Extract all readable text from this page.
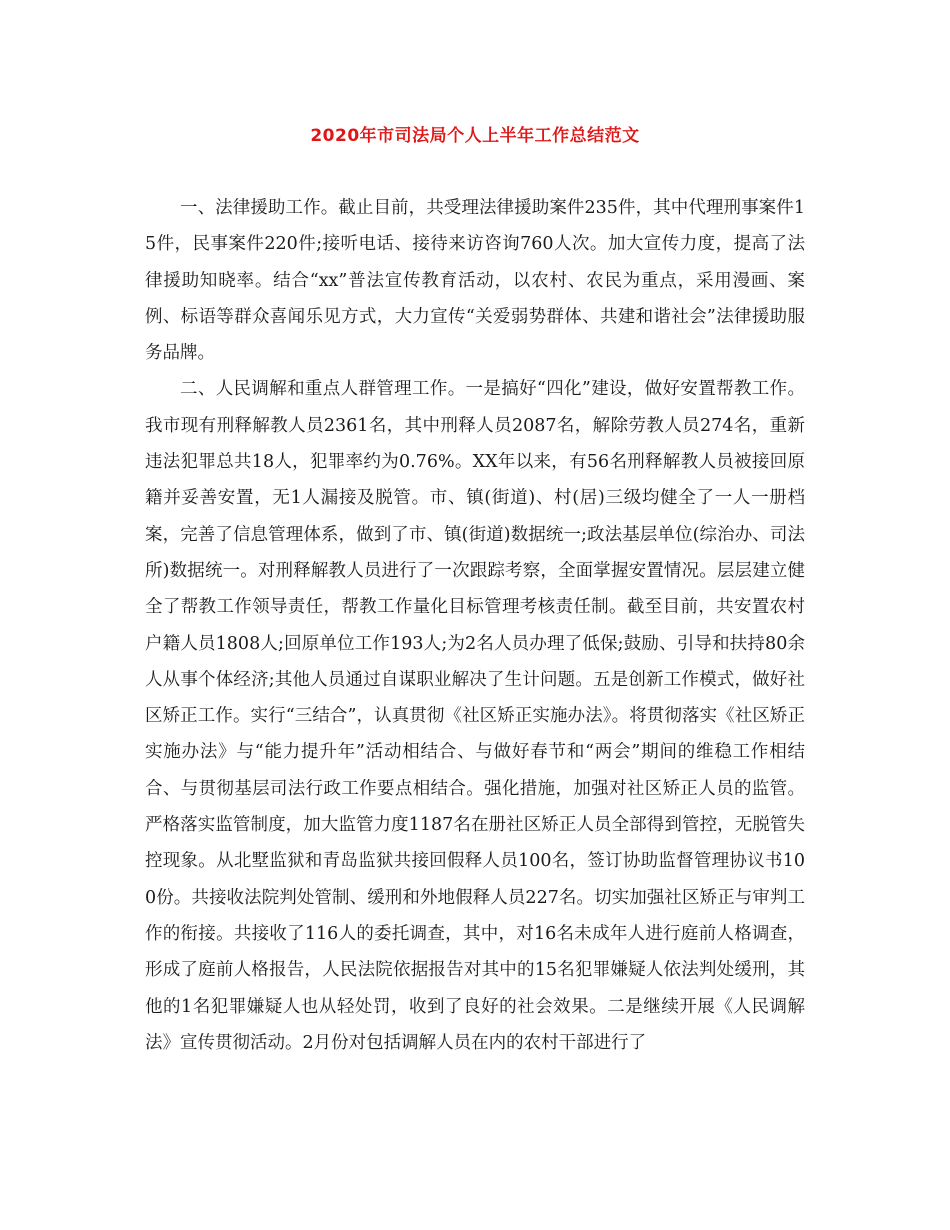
2020年市司法局个人上半年工作总结范文

一、法律援助工作。截止目前，共受理法律援助案件235件，其中代理刑事案件15件，民事案件220件;接听电话、接待来访咨询760人次。加大宣传力度，提高了法律援助知晓率。结合“xx”普法宣传教育活动，以农村、农民为重点，采用漫画、案例、标语等群众喜闻乐见方式，大力宣传“关爱弱势群体、共建和谐社会”法律援助服务品牌。

二、人民调解和重点人群管理工作。一是搞好“四化”建设，做好安置帮教工作。我市现有刑释解教人员2361名，其中刑释人员2087名，解除劳教人员274名，重新违法犯罪总共18人，犯罪率约为0.76%。XX年以来，有56名刑释解教人员被接回原籍并妥善安置，无1人漏接及脱管。市、镇(街道)、村(居)三级均健全了一人一册档案，完善了信息管理体系，做到了市、镇(街道)数据统一;政法基层单位(综治办、司法所)数据统一。对刑释解教人员进行了一次跟踪考察，全面掌握安置情况。层层建立健全了帮教工作领导责任，帮教工作量化目标管理考核责任制。截至目前，共安置农村户籍人员1808人;回原单位工作193人;为2名人员办理了低保;鼓励、引导和扶持80余人从事个体经济;其他人员通过自谋职业解决了生计问题。五是创新工作模式，做好社区矫正工作。实行“三结合”，认真贯彻《社区矫正实施办法》。将贯彻落实《社区矫正实施办法》与“能力提升年”活动相结合、与做好春节和“两会”期间的维稳工作相结合、与贯彻基层司法行政工作要点相结合。强化措施，加强对社区矫正人员的监管。严格落实监管制度，加大监管力度1187名在册社区矫正人员全部得到管控，无脱管失控现象。从北墅监狱和青岛监狱共接回假释人员100名，签订协助监督管理协议书100份。共接收法院判处管制、缓刑和外地假释人员227名。切实加强社区矫正与审判工作的衔接。共接收了116人的委托调查，其中，对16名未成年人进行庭前人格调查，形成了庭前人格报告，人民法院依据报告对其中的15名犯罪嫌疑人依法判处缓刑，其他的1名犯罪嫌疑人也从轻处罚，收到了良好的社会效果。二是继续开展《人民调解法》宣传贯彻活动。2月份对包括调解人员在内的农村干部进行了
